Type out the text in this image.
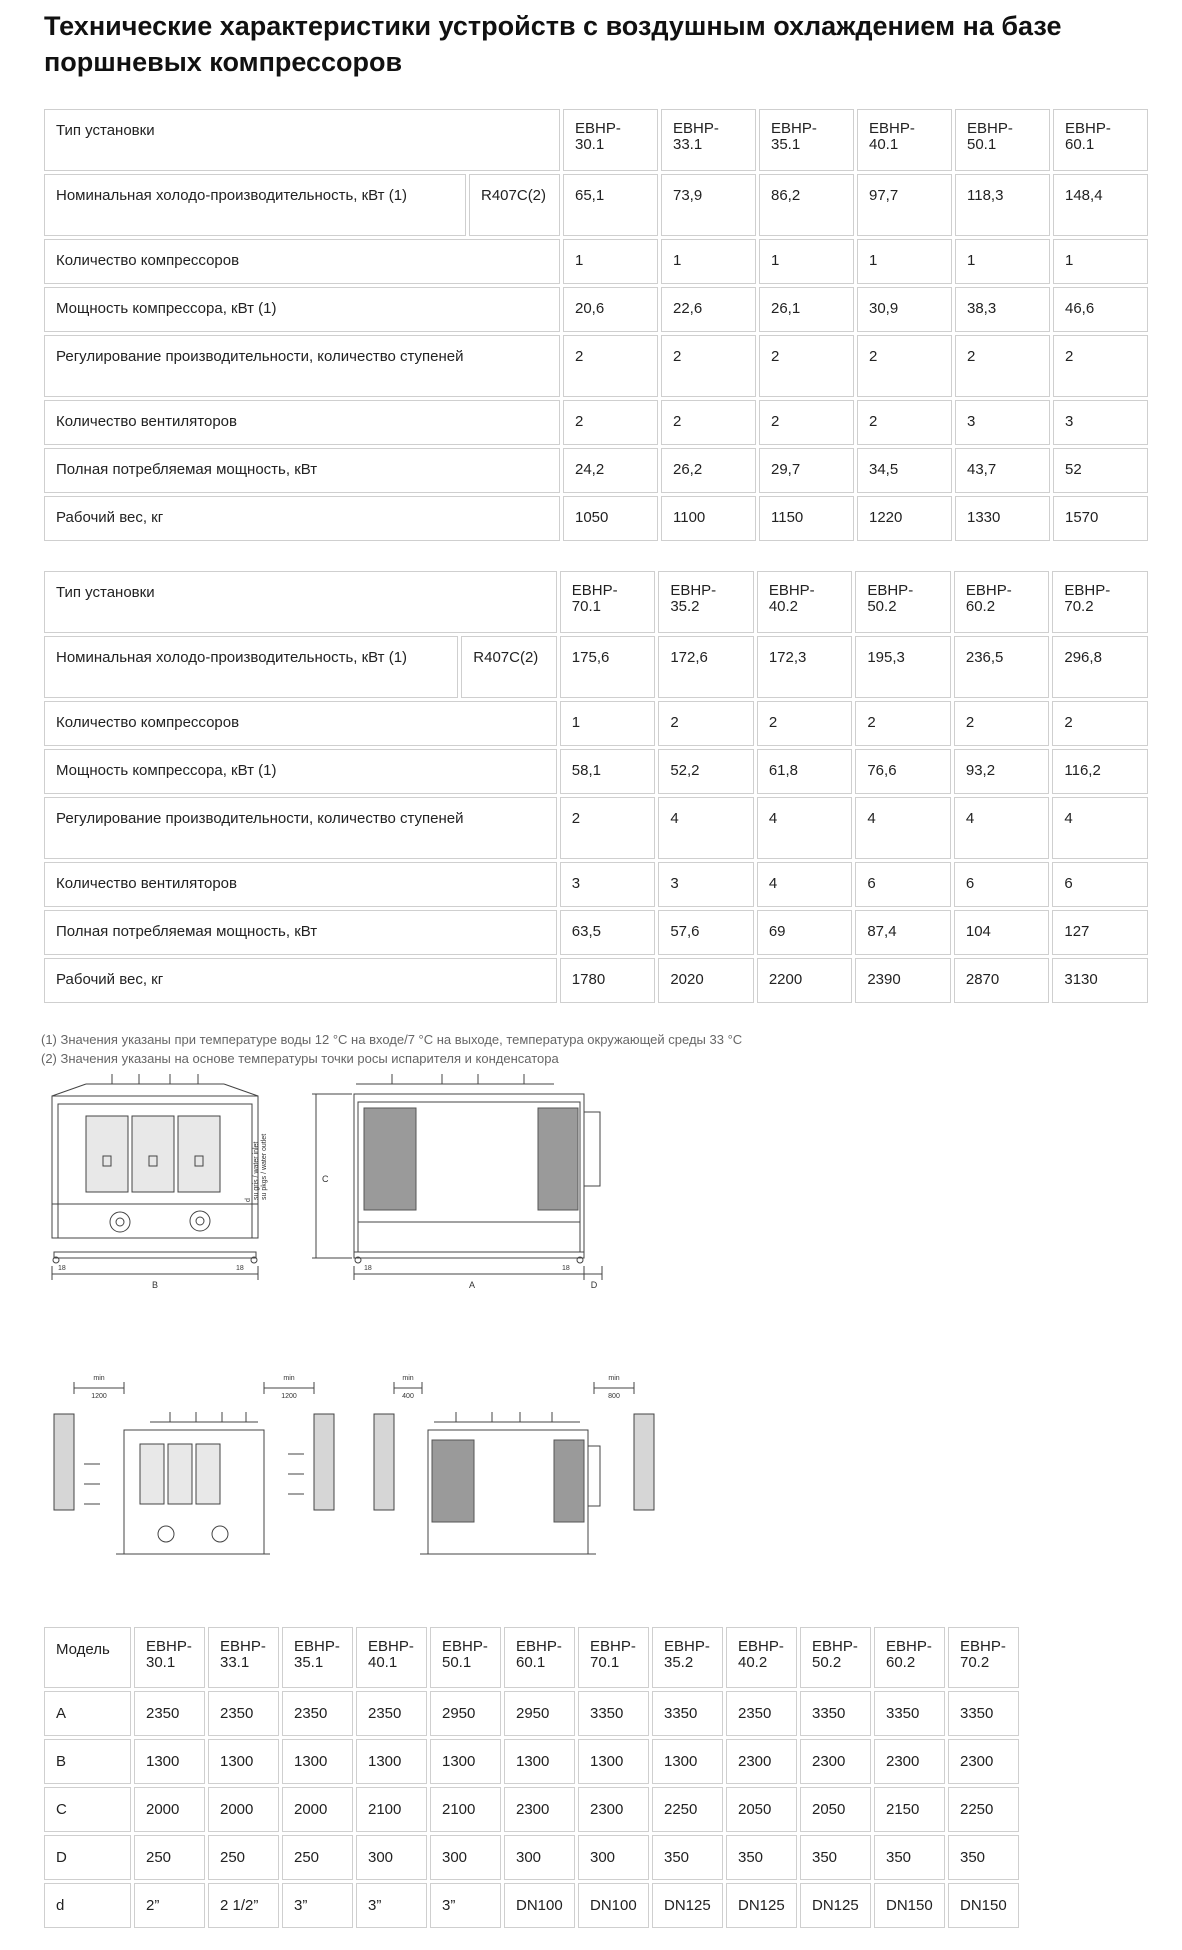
Технические характеристики устройств с воздушным охлаждением на базе поршневых компрессоров
Тип установки		EBHP-30.1	EBHP-33.1	EBHP-35.1	EBHP-40.1	EBHP-50.1	EBHP-60.1
Номинальная холодо-производительность, кВт (1)	R407C(2)	65,1	73,9	86,2	97,7	118,3	148,4
Количество компрессоров		1	1	1	1	1	1
Мощность компрессора, кВт (1)		20,6	22,6	26,1	30,9	38,3	46,6
Регулирование производительности, количество ступеней		2	2	2	2	2	2
Количество вентиляторов		2	2	2	2	3	3
Полная потребляемая мощность, кВт		24,2	26,2	29,7	34,5	43,7	52
Рабочий вес, кг		1050	1100	1150	1220	1330	1570
Тип установки		EBHP-70.1	EBHP-35.2	EBHP-40.2	EBHP-50.2	EBHP-60.2	EBHP-70.2
Номинальная холодо-производительность, кВт (1)	R407C(2)	175,6	172,6	172,3	195,3	236,5	296,8
Количество компрессоров		1	2	2	2	2	2
Мощность компрессора, кВт (1)		58,1	52,2	61,8	76,6	93,2	116,2
Регулирование производительности, количество ступеней		2	4	4	4	4	4
Количество вентиляторов		3	3	4	6	6	6
Полная потребляемая мощность, кВт		63,5	57,6	69	87,4	104	127
Рабочий вес, кг		1780	2020	2200	2390	2870	3130
(1) Значения указаны при температуре воды 12 °С на входе/7 °С на выходе, температура окружающей среды 33 °С
(2) Значения указаны на основе температуры точки росы испарителя и конденсатора
B
18	18
d
su gris / water inlet su pkgs / water outlet
A	D
C
18	18
min
1200
min
1200
min
400
min
800
Модель	EBHP-30.1	EBHP-33.1	EBHP-35.1	EBHP-40.1	EBHP-50.1	EBHP-60.1	EBHP-70.1	EBHP-35.2	EBHP-40.2	EBHP-50.2	EBHP-60.2	EBHP-70.2
A	2350	2350	2350	2350	2950	2950	3350	3350	2350	3350	3350	3350
B	1300	1300	1300	1300	1300	1300	1300	1300	2300	2300	2300	2300
C	2000	2000	2000	2100	2100	2300	2300	2250	2050	2050	2150	2250
D	250	250	250	300	300	300	300	350	350	350	350	350
d	2”	2 1/2”	3”	3”	3”	DN100	DN100	DN125	DN125	DN125	DN150	DN150
